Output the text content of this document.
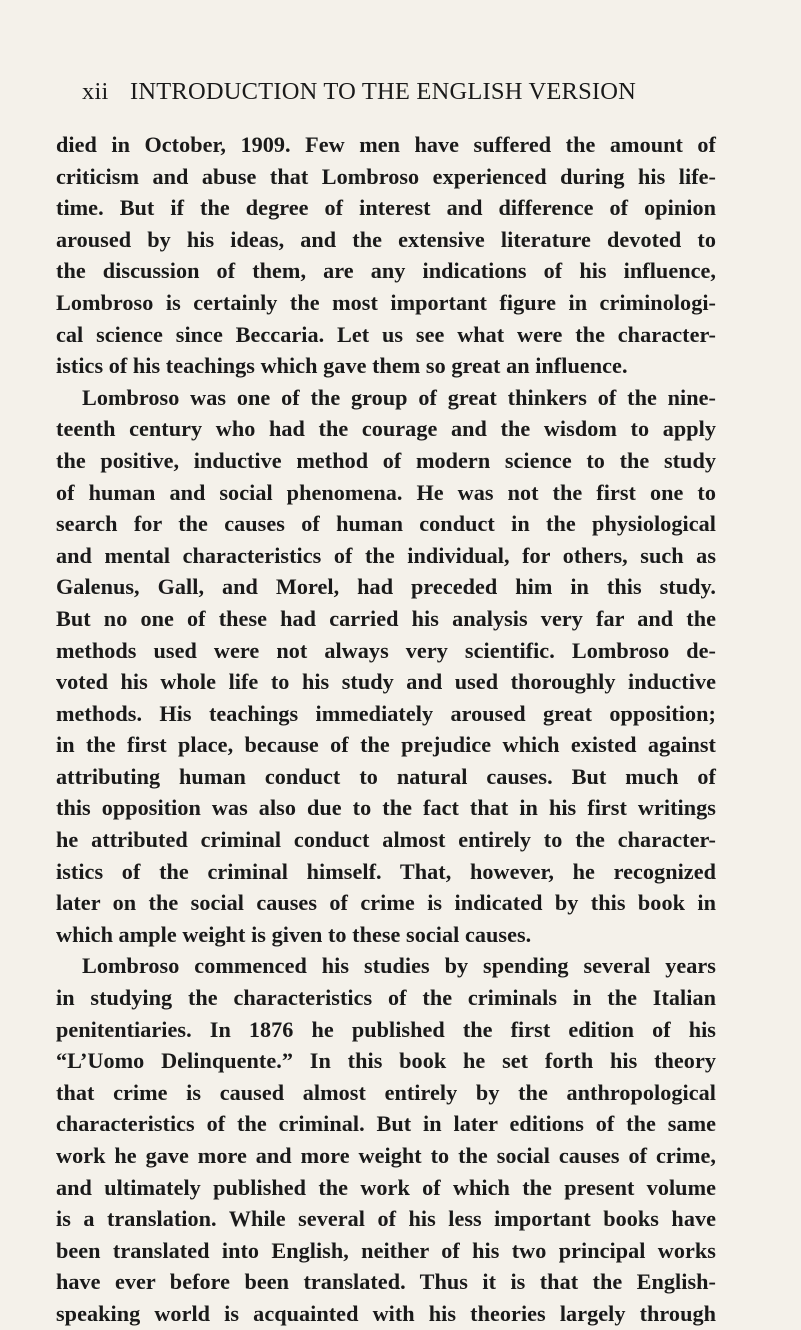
xii INTRODUCTION TO THE ENGLISH VERSION
died in October, 1909. Few men have suffered the amount of
criticism and abuse that Lombroso experienced during his life-
time. But if the degree of interest and difference of opinion
aroused by his ideas, and the extensive literature devoted to
the discussion of them, are any indications of his influence,
Lombroso is certainly the most important figure in criminologi-
cal science since Beccaria. Let us see what were the character-
istics of his teachings which gave them so great an influence.
Lombroso was one of the group of great thinkers of the nine-
teenth century who had the courage and the wisdom to apply
the positive, inductive method of modern science to the study
of human and social phenomena. He was not the first one to
search for the causes of human conduct in the physiological
and mental characteristics of the individual, for others, such as
Galenus, Gall, and Morel, had preceded him in this study.
But no one of these had carried his analysis very far and the
methods used were not always very scientific. Lombroso de-
voted his whole life to his study and used thoroughly inductive
methods. His teachings immediately aroused great opposition;
in the first place, because of the prejudice which existed against
attributing human conduct to natural causes. But much of
this opposition was also due to the fact that in his first writings
he attributed criminal conduct almost entirely to the character-
istics of the criminal himself. That, however, he recognized
later on the social causes of crime is indicated by this book in
which ample weight is given to these social causes.
Lombroso commenced his studies by spending several years
in studying the characteristics of the criminals in the Italian
penitentiaries. In 1876 he published the first edition of his
“L’Uomo Delinquente.” In this book he set forth his theory
that crime is caused almost entirely by the anthropological
characteristics of the criminal. But in later editions of the same
work he gave more and more weight to the social causes of crime,
and ultimately published the work of which the present volume
is a translation. While several of his less important books have
been translated into English, neither of his two principal works
have ever before been translated. Thus it is that the English-
speaking world is acquainted with his theories largely through
